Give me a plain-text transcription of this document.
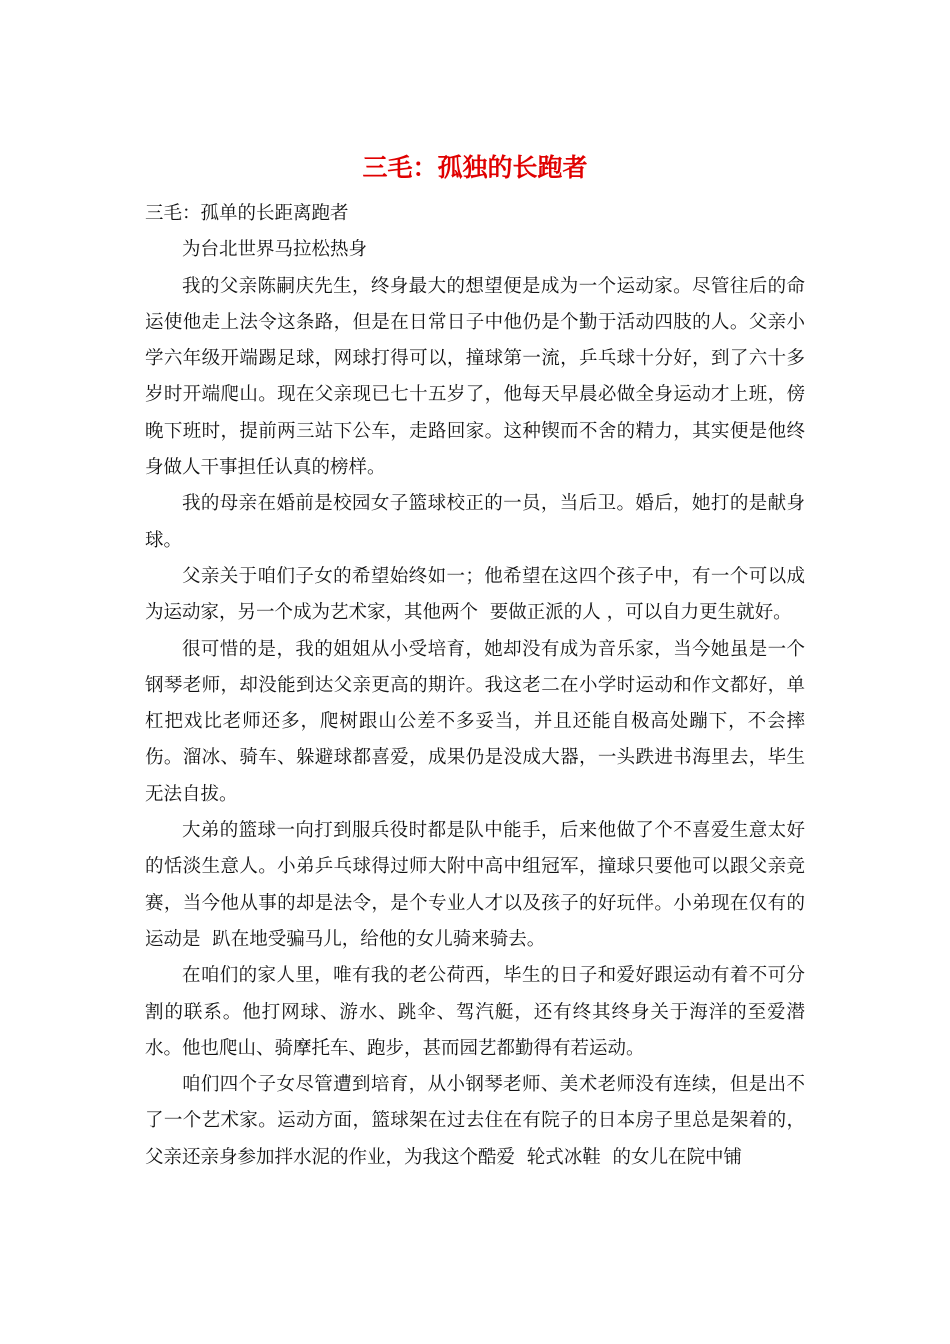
三毛：孤独的长跑者

三毛：孤单的长距离跑者

为台北世界马拉松热身

我的父亲陈嗣庆先生，终身最大的想望便是成为一个运动家。尽管往后的命运使他走上法令这条路，但是在日常日子中他仍是个勤于活动四肢的人。父亲小学六年级开端踢足球，网球打得可以，撞球第一流，乒乓球十分好，到了六十多岁时开端爬山。现在父亲现已七十五岁了，他每天早晨必做全身运动才上班，傍晚下班时，提前两三站下公车，走路回家。这种锲而不舍的精力，其实便是他终身做人干事担任认真的榜样。

我的母亲在婚前是校园女子篮球校正的一员，当后卫。婚后，她打的是献身球。

父亲关于咱们子女的希望始终如一；他希望在这四个孩子中，有一个可以成为运动家，另一个成为艺术家，其他两个  要做正派的人 ，可以自力更生就好。

很可惜的是，我的姐姐从小受培育，她却没有成为音乐家，当今她虽是一个钢琴老师，却没能到达父亲更高的期许。我这老二在小学时运动和作文都好，单杠把戏比老师还多，爬树跟山公差不多妥当，并且还能自极高处蹦下，不会摔伤。溜冰、骑车、躲避球都喜爱，成果仍是没成大器，一头跌进书海里去，毕生无法自拔。

大弟的篮球一向打到服兵役时都是队中能手，后来他做了个不喜爱生意太好的恬淡生意人。小弟乒乓球得过师大附中高中组冠军，撞球只要他可以跟父亲竞赛，当今他从事的却是法令，是个专业人才以及孩子的好玩伴。小弟现在仅有的运动是  趴在地受骗马儿，给他的女儿骑来骑去。

在咱们的家人里，唯有我的老公荷西，毕生的日子和爱好跟运动有着不可分割的联系。他打网球、游水、跳伞、驾汽艇，还有终其终身关于海洋的至爱潜水。他也爬山、骑摩托车、跑步，甚而园艺都勤得有若运动。

咱们四个子女尽管遭到培育，从小钢琴老师、美术老师没有连续，但是出不了一个艺术家。运动方面，篮球架在过去住在有院子的日本房子里总是架着的，父亲还亲身参加拌水泥的作业，为我这个酷爱  轮式冰鞋  的女儿在院中铺
